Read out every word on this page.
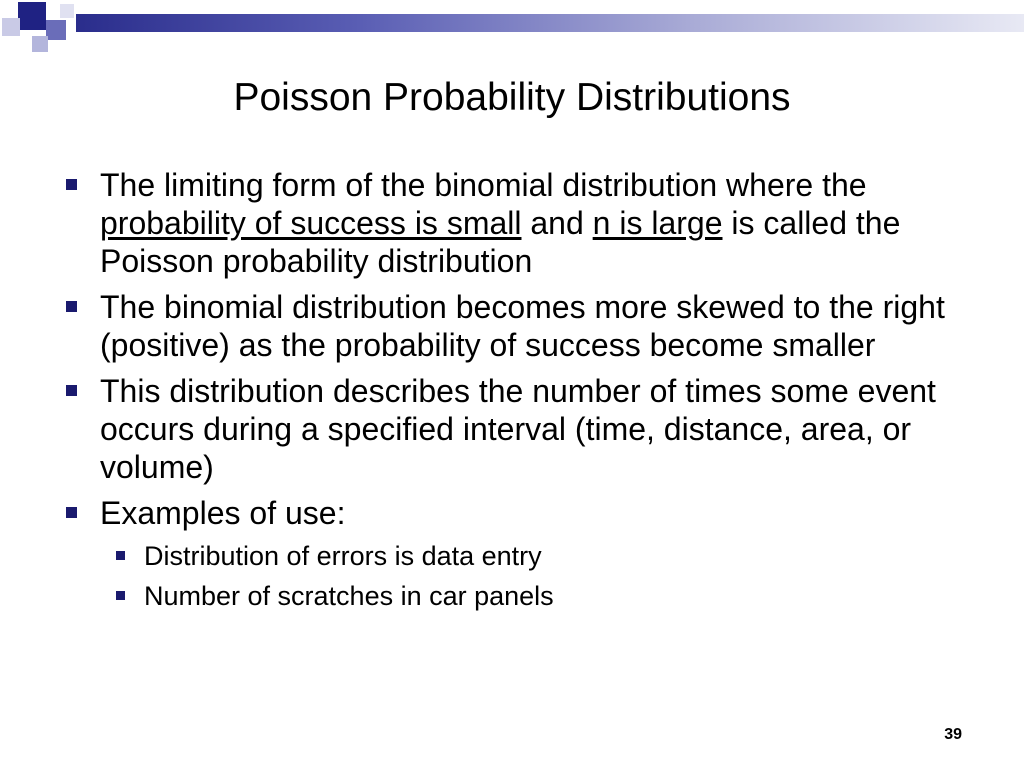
Poisson Probability Distributions
The limiting form of the binomial distribution where the probability of success is small and n is large is called the Poisson probability distribution
The binomial distribution becomes more skewed to the right (positive) as the probability of success become smaller
This distribution describes the number of times some event occurs during a specified interval (time, distance, area, or volume)
Examples of use:
Distribution of errors is data entry
Number of scratches in car panels
39
